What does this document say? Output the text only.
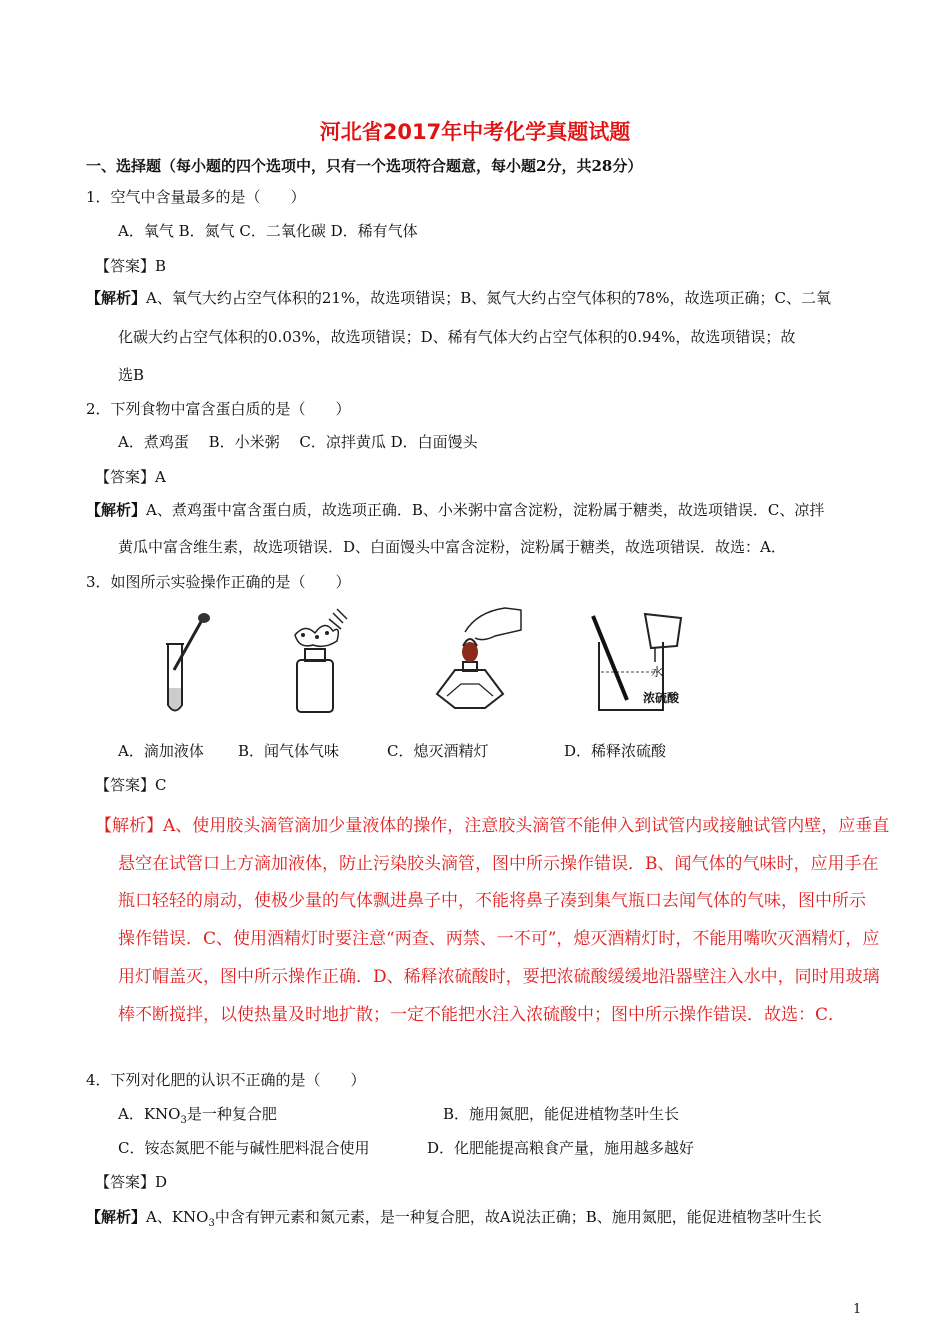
河北省2017年中考化学真题试题
一、选择题（每小题的四个选项中，只有一个选项符合题意，每小题2分，共28分）
1．空气中含量最多的是（　　）
A．氧气 B．氮气 C．二氧化碳 D．稀有气体
【答案】B
【解析】A、氧气大约占空气体积的21%，故选项错误；B、氮气大约占空气体积的78%，故选项正确；C、二氧
化碳大约占空气体积的0.03%，故选项错误；D、稀有气体大约占空气体积的0.94%，故选项错误；故
选B
2．下列食物中富含蛋白质的是（　　）
A．煮鸡蛋　 B．小米粥　 C．凉拌黄瓜 D．白面馒头
【答案】A
【解析】A、煮鸡蛋中富含蛋白质，故选项正确．B、小米粥中富含淀粉，淀粉属于糖类，故选项错误．C、凉拌
黄瓜中富含维生素，故选项错误．D、白面馒头中富含淀粉，淀粉属于糖类，故选项错误．故选：A．
3．如图所示实验操作正确的是（　　）
水
浓硫酸
A．滴加液体 B．闻气体气味	C．熄灭酒精灯	D．稀释浓硫酸
【答案】C
【解析】A、使用胶头滴管滴加少量液体的操作，注意胶头滴管不能伸入到试管内或接触试管内壁，应垂直
悬空在试管口上方滴加液体，防止污染胶头滴管，图中所示操作错误．B、闻气体的气味时，应用手在
瓶口轻轻的扇动，使极少量的气体飘进鼻子中，不能将鼻子凑到集气瓶口去闻气体的气味，图中所示
操作错误．C、使用酒精灯时要注意“两查、两禁、一不可”，熄灭酒精灯时，不能用嘴吹灭酒精灯，应
用灯帽盖灭，图中所示操作正确．D、稀释浓硫酸时，要把浓硫酸缓缓地沿器壁注入水中，同时用玻璃
棒不断搅拌，以使热量及时地扩散；一定不能把水注入浓硫酸中；图中所示操作错误．故选：C．
4．下列对化肥的认识不正确的是（　　）
A．$KNO_3$是一种复合肥	B．施用氮肥，能促进植物茎叶生长
C．铵态氮肥不能与碱性肥料混合使用	D．化肥能提高粮食产量，施用越多越好
【答案】D
【解析】A、$KNO_3$中含有钾元素和氮元素，是一种复合肥，故A说法正确；B、施用氮肥，能促进植物茎叶生长
1
